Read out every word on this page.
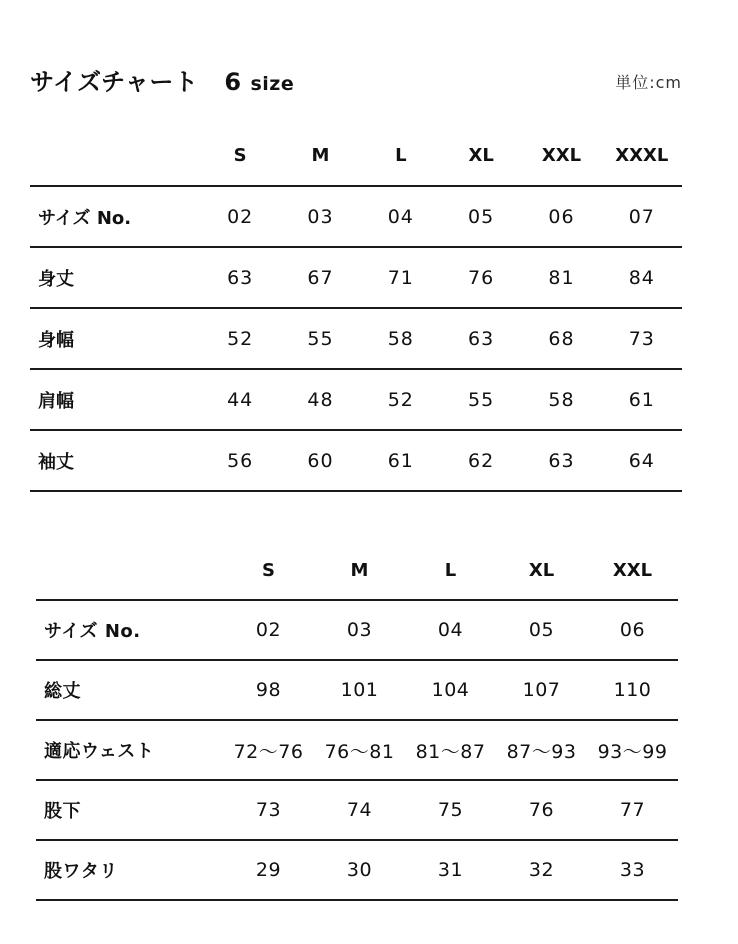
サイズチャート 6 size	単位:cm
	S	M	L	XL	XXL	XXXL
サイズ No.	02	03	04	05	06	07
身丈	63	67	71	76	81	84
身幅	52	55	58	63	68	73
肩幅	44	48	52	55	58	61
袖丈	56	60	61	62	63	64
	S	M	L	XL	XXL
サイズ No.	02	03	04	05	06
総丈	98	101	104	107	110
適応ウェスト	72〜76	76〜81	81〜87	87〜93	93〜99
股下	73	74	75	76	77
股ワタリ	29	30	31	32	33
